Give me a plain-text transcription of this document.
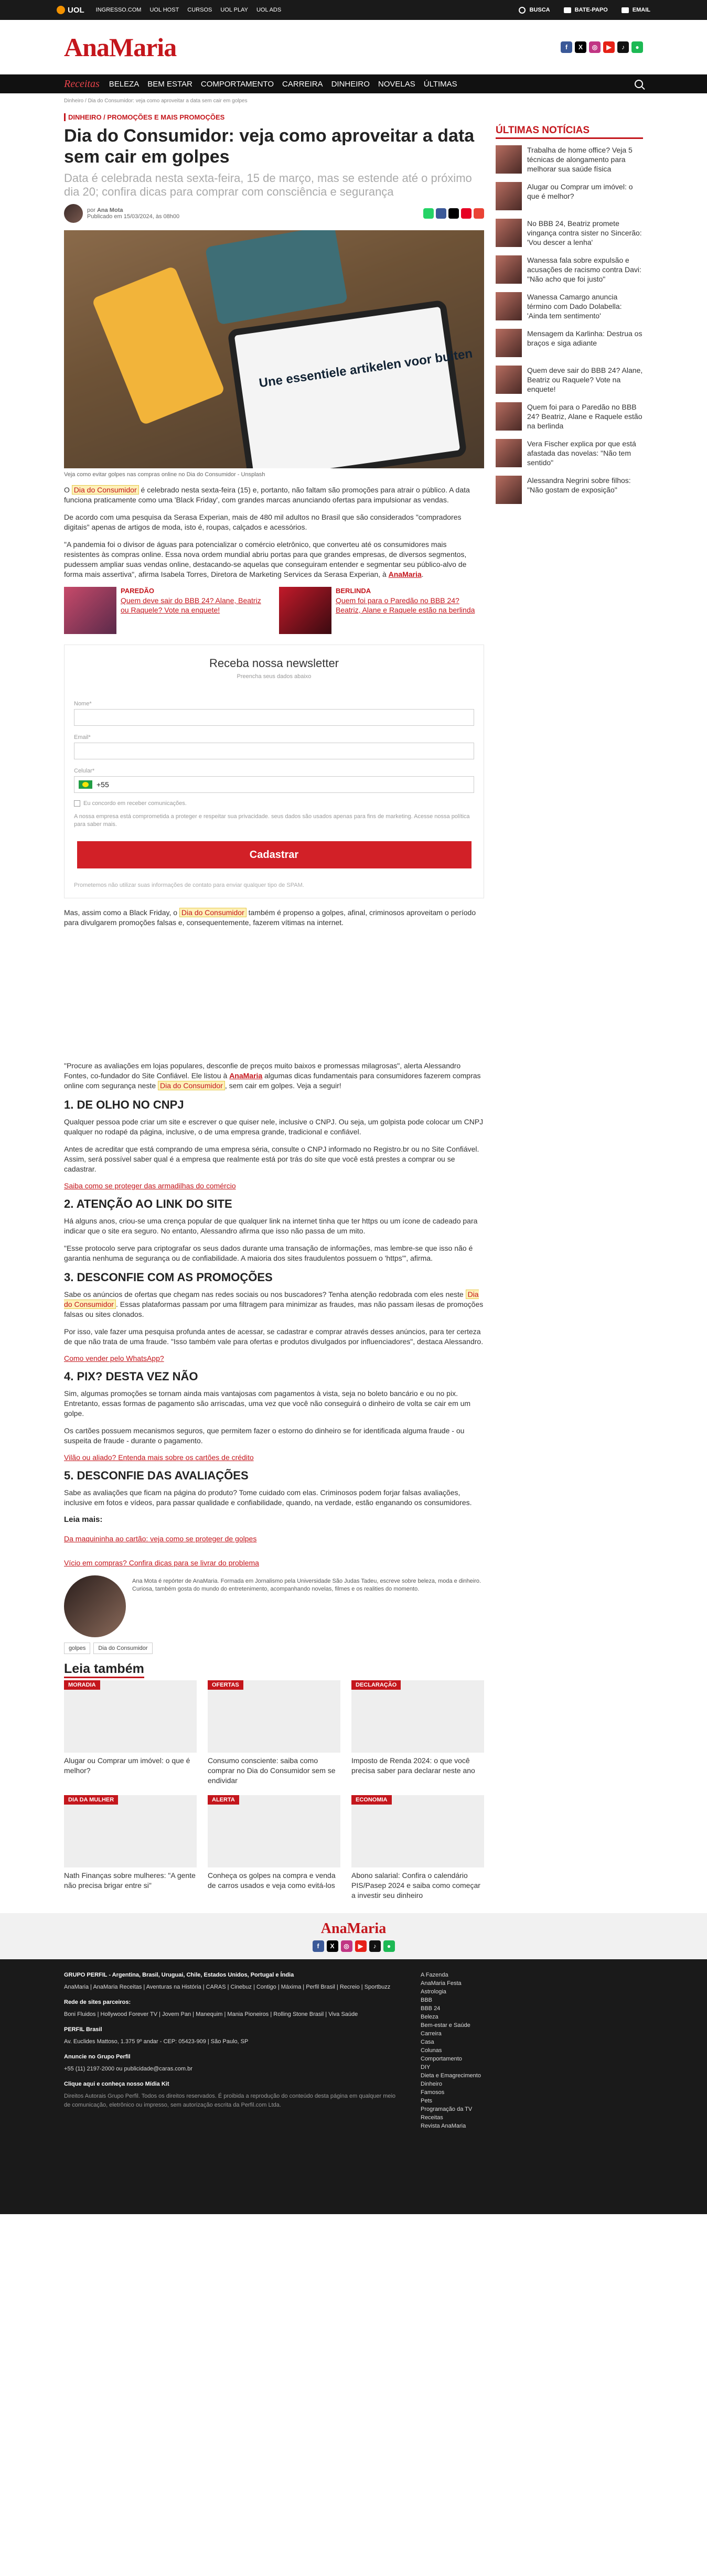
UOL INGRESSO.COM UOL HOST CURSOS UOL PLAY UOL ADS	BUSCA	BATE-PAPO	EMAIL
AnaMaria	f	X	◎	▶	♪	●
Receitas BELEZA BEM ESTAR COMPORTAMENTO CARREIRA DINHEIRO NOVELAS ÚLTIMAS
Dinheiro / Dia do Consumidor: veja como aproveitar a data sem cair em golpes
DINHEIRO / PROMOÇÕES E MAIS PROMOÇÕES
Dia do Consumidor: veja como aproveitar a data sem cair em golpes
Data é celebrada nesta sexta-feira, 15 de março, mas se estende até o próximo dia 20; confira dicas para comprar com consciência e segurança
por Ana Mota
Publicado em 15/03/2024, às 08h00
Une essentiele artikelen voor buiten
Veja como evitar golpes nas compras online no Dia do Consumidor - Unsplash

O Dia do Consumidor é celebrado nesta sexta-feira (15) e, portanto, não faltam são promoções para atrair o público. A data funciona praticamente como uma 'Black Friday', com grandes marcas anunciando ofertas para impulsionar as vendas.

De acordo com uma pesquisa da Serasa Experian, mais de 480 mil adultos no Brasil que são considerados "compradores digitais" apenas de artigos de moda, isto é, roupas, calçados e acessórios.

"A pandemia foi o divisor de águas para potencializar o comércio eletrônico, que converteu até os consumidores mais resistentes às compras online. Essa nova ordem mundial abriu portas para que grandes empresas, de diversos segmentos, pudessem ampliar suas vendas online, destacando-se aquelas que conseguiram entender e segmentar seu público-alvo de forma mais assertiva", afirma Isabela Torres, Diretora de Marketing Services da Serasa Experian, à AnaMaria.

PAREDÃO
Quem deve sair do BBB 24? Alane, Beatriz ou Raquele? Vote na enquete!
BERLINDA
Quem foi para o Paredão no BBB 24? Beatriz, Alane e Raquele estão na berlinda
Receba nossa newsletter
Preencha seus dados abaixo
Nome*
Email*
Celular*
+55
Eu concordo em receber comunicações.
A nossa empresa está comprometida a proteger e respeitar sua privacidade. seus dados são usados apenas para fins de marketing. Acesse nossa política para saber mais.
Cadastrar
Prometemos não utilizar suas informações de contato para enviar qualquer tipo de SPAM.

Mas, assim como a Black Friday, o Dia do Consumidor também é propenso a golpes, afinal, criminosos aproveitam o período para divulgarem promoções falsas e, consequentemente, fazerem vítimas na internet.

"Procure as avaliações em lojas populares, desconfie de preços muito baixos e promessas milagrosas", alerta Alessandro Fontes, co-fundador do Site Confiável. Ele listou à AnaMaria algumas dicas fundamentais para consumidores fazerem compras online com segurança neste Dia do Consumidor , sem cair em golpes. Veja a seguir!

1. DE OLHO NO CNPJ

Qualquer pessoa pode criar um site e escrever o que quiser nele, inclusive o CNPJ. Ou seja, um golpista pode colocar um CNPJ qualquer no rodapé da página, inclusive, o de uma empresa grande, tradicional e confiável.

Antes de acreditar que está comprando de uma empresa séria, consulte o CNPJ informado no Registro.br ou no Site Confiável. Assim, será possível saber qual é a empresa que realmente está por trás do site que você está prestes a comprar ou se cadastrar.

Saiba como se proteger das armadilhas do comércio
2. ATENÇÃO AO LINK DO SITE

Há alguns anos, criou-se uma crença popular de que qualquer link na internet tinha que ter https ou um ícone de cadeado para indicar que o site era seguro. No entanto, Alessandro afirma que isso não passa de um mito.

"Esse protocolo serve para criptografar os seus dados durante uma transação de informações, mas lembre-se que isso não é garantia nenhuma de segurança ou de confiabilidade. A maioria dos sites fraudulentos possuem o 'https'", afirma.

3. DESCONFIE COM AS PROMOÇÕES

Sabe os anúncios de ofertas que chegam nas redes sociais ou nos buscadores? Tenha atenção redobrada com eles neste Dia do Consumidor . Essas plataformas passam por uma filtragem para minimizar as fraudes, mas não passam ilesas de promoções falsas ou sites clonados.

Por isso, vale fazer uma pesquisa profunda antes de acessar, se cadastrar e comprar através desses anúncios, para ter certeza de que não trata de uma fraude. "Isso também vale para ofertas e produtos divulgados por influenciadores", destaca Alessandro.

Como vender pelo WhatsApp?
4. PIX? DESTA VEZ NÃO

Sim, algumas promoções se tornam ainda mais vantajosas com pagamentos à vista, seja no boleto bancário e ou no pix. Entretanto, essas formas de pagamento são arriscadas, uma vez que você não conseguirá o dinheiro de volta se cair em um golpe.

Os cartões possuem mecanismos seguros, que permitem fazer o estorno do dinheiro se for identificada alguma fraude - ou suspeita de fraude - durante o pagamento.

Vilão ou aliado? Entenda mais sobre os cartões de crédito
5. DESCONFIE DAS AVALIAÇÕES

Sabe as avaliações que ficam na página do produto? Tome cuidado com elas. Criminosos podem forjar falsas avaliações, inclusive em fotos e vídeos, para passar qualidade e confiabilidade, quando, na verdade, estão enganando os consumidores.

Leia mais:
Da maquininha ao cartão: veja como se proteger de golpes
Vício em compras? Confira dicas para se livrar do problema
Ana Mota é repórter de AnaMaria. Formada em Jornalismo pela Universidade São Judas Tadeu, escreve sobre beleza, moda e dinheiro. Curiosa, também gosta do mundo do entretenimento, acompanhando novelas, filmes e os realities do momento.
golpes	Dia do Consumidor
Leia também
MORADIA
Alugar ou Comprar um imóvel: o que é melhor?
OFERTAS
Consumo consciente: saiba como comprar no Dia do Consumidor sem se endividar
DECLARAÇÃO
Imposto de Renda 2024: o que você precisa saber para declarar neste ano
DIA DA MULHER
Nath Finanças sobre mulheres: "A gente não precisa brigar entre si"
ALERTA
Conheça os golpes na compra e venda de carros usados e veja como evitá-los
ECONOMIA
Abono salarial: Confira o calendário PIS/Pasep 2024 e saiba como começar a investir seu dinheiro
ÚLTIMAS NOTÍCIAS
Trabalha de home office? Veja 5 técnicas de alongamento para melhorar sua saúde física
Alugar ou Comprar um imóvel: o que é melhor?
No BBB 24, Beatriz promete vingança contra sister no Sincerão: 'Vou descer a lenha'
Wanessa fala sobre expulsão e acusações de racismo contra Davi: "Não acho que foi justo"
Wanessa Camargo anuncia término com Dado Dolabella: 'Ainda tem sentimento'
Mensagem da Karlinha: Destrua os braços e siga adiante
Quem deve sair do BBB 24? Alane, Beatriz ou Raquele? Vote na enquete!
Quem foi para o Paredão no BBB 24? Beatriz, Alane e Raquele estão na berlinda
Vera Fischer explica por que está afastada das novelas: "Não tem sentido"
Alessandra Negrini sobre filhos: "Não gostam de exposição"
AnaMaria
f	X	◎	▶	♪	●
GRUPO PERFIL - Argentina, Brasil, Uruguai, Chile, Estados Unidos, Portugal e Índia
AnaMaria | AnaMaria Receitas | Aventuras na História | CARAS | Cinebuz | Contigo | Máxima | Perfil Brasil | Recreio | Sportbuzz
Rede de sites parceiros:
Boni Fluidos | Hollywood Forever TV | Jovem Pan | Manequim | Mania Pioneiros | Rolling Stone Brasil | Viva Saúde
PERFIL Brasil
Av. Euclides Mattoso, 1.375 9º andar - CEP: 05423-909 | São Paulo, SP
Anuncie no Grupo Perfil
+55 (11) 2197-2000 ou publicidade@caras.com.br
Clique aqui e conheça nosso Mídia Kit
Direitos Autorais Grupo Perfil. Todos os direitos reservados. É proibida a reprodução do conteúdo desta página em qualquer meio de comunicação, eletrônico ou impresso, sem autorização escrita da Perfil.com Ltda.
A Fazenda
AnaMaria Festa
Astrologia
BBB
BBB 24
Beleza
Bem-estar e Saúde
Carreira
Casa
Colunas
Comportamento
DIY
Dieta e Emagrecimento
Dinheiro
Famosos
Pets
Programação da TV
Receitas
Revista AnaMaria
